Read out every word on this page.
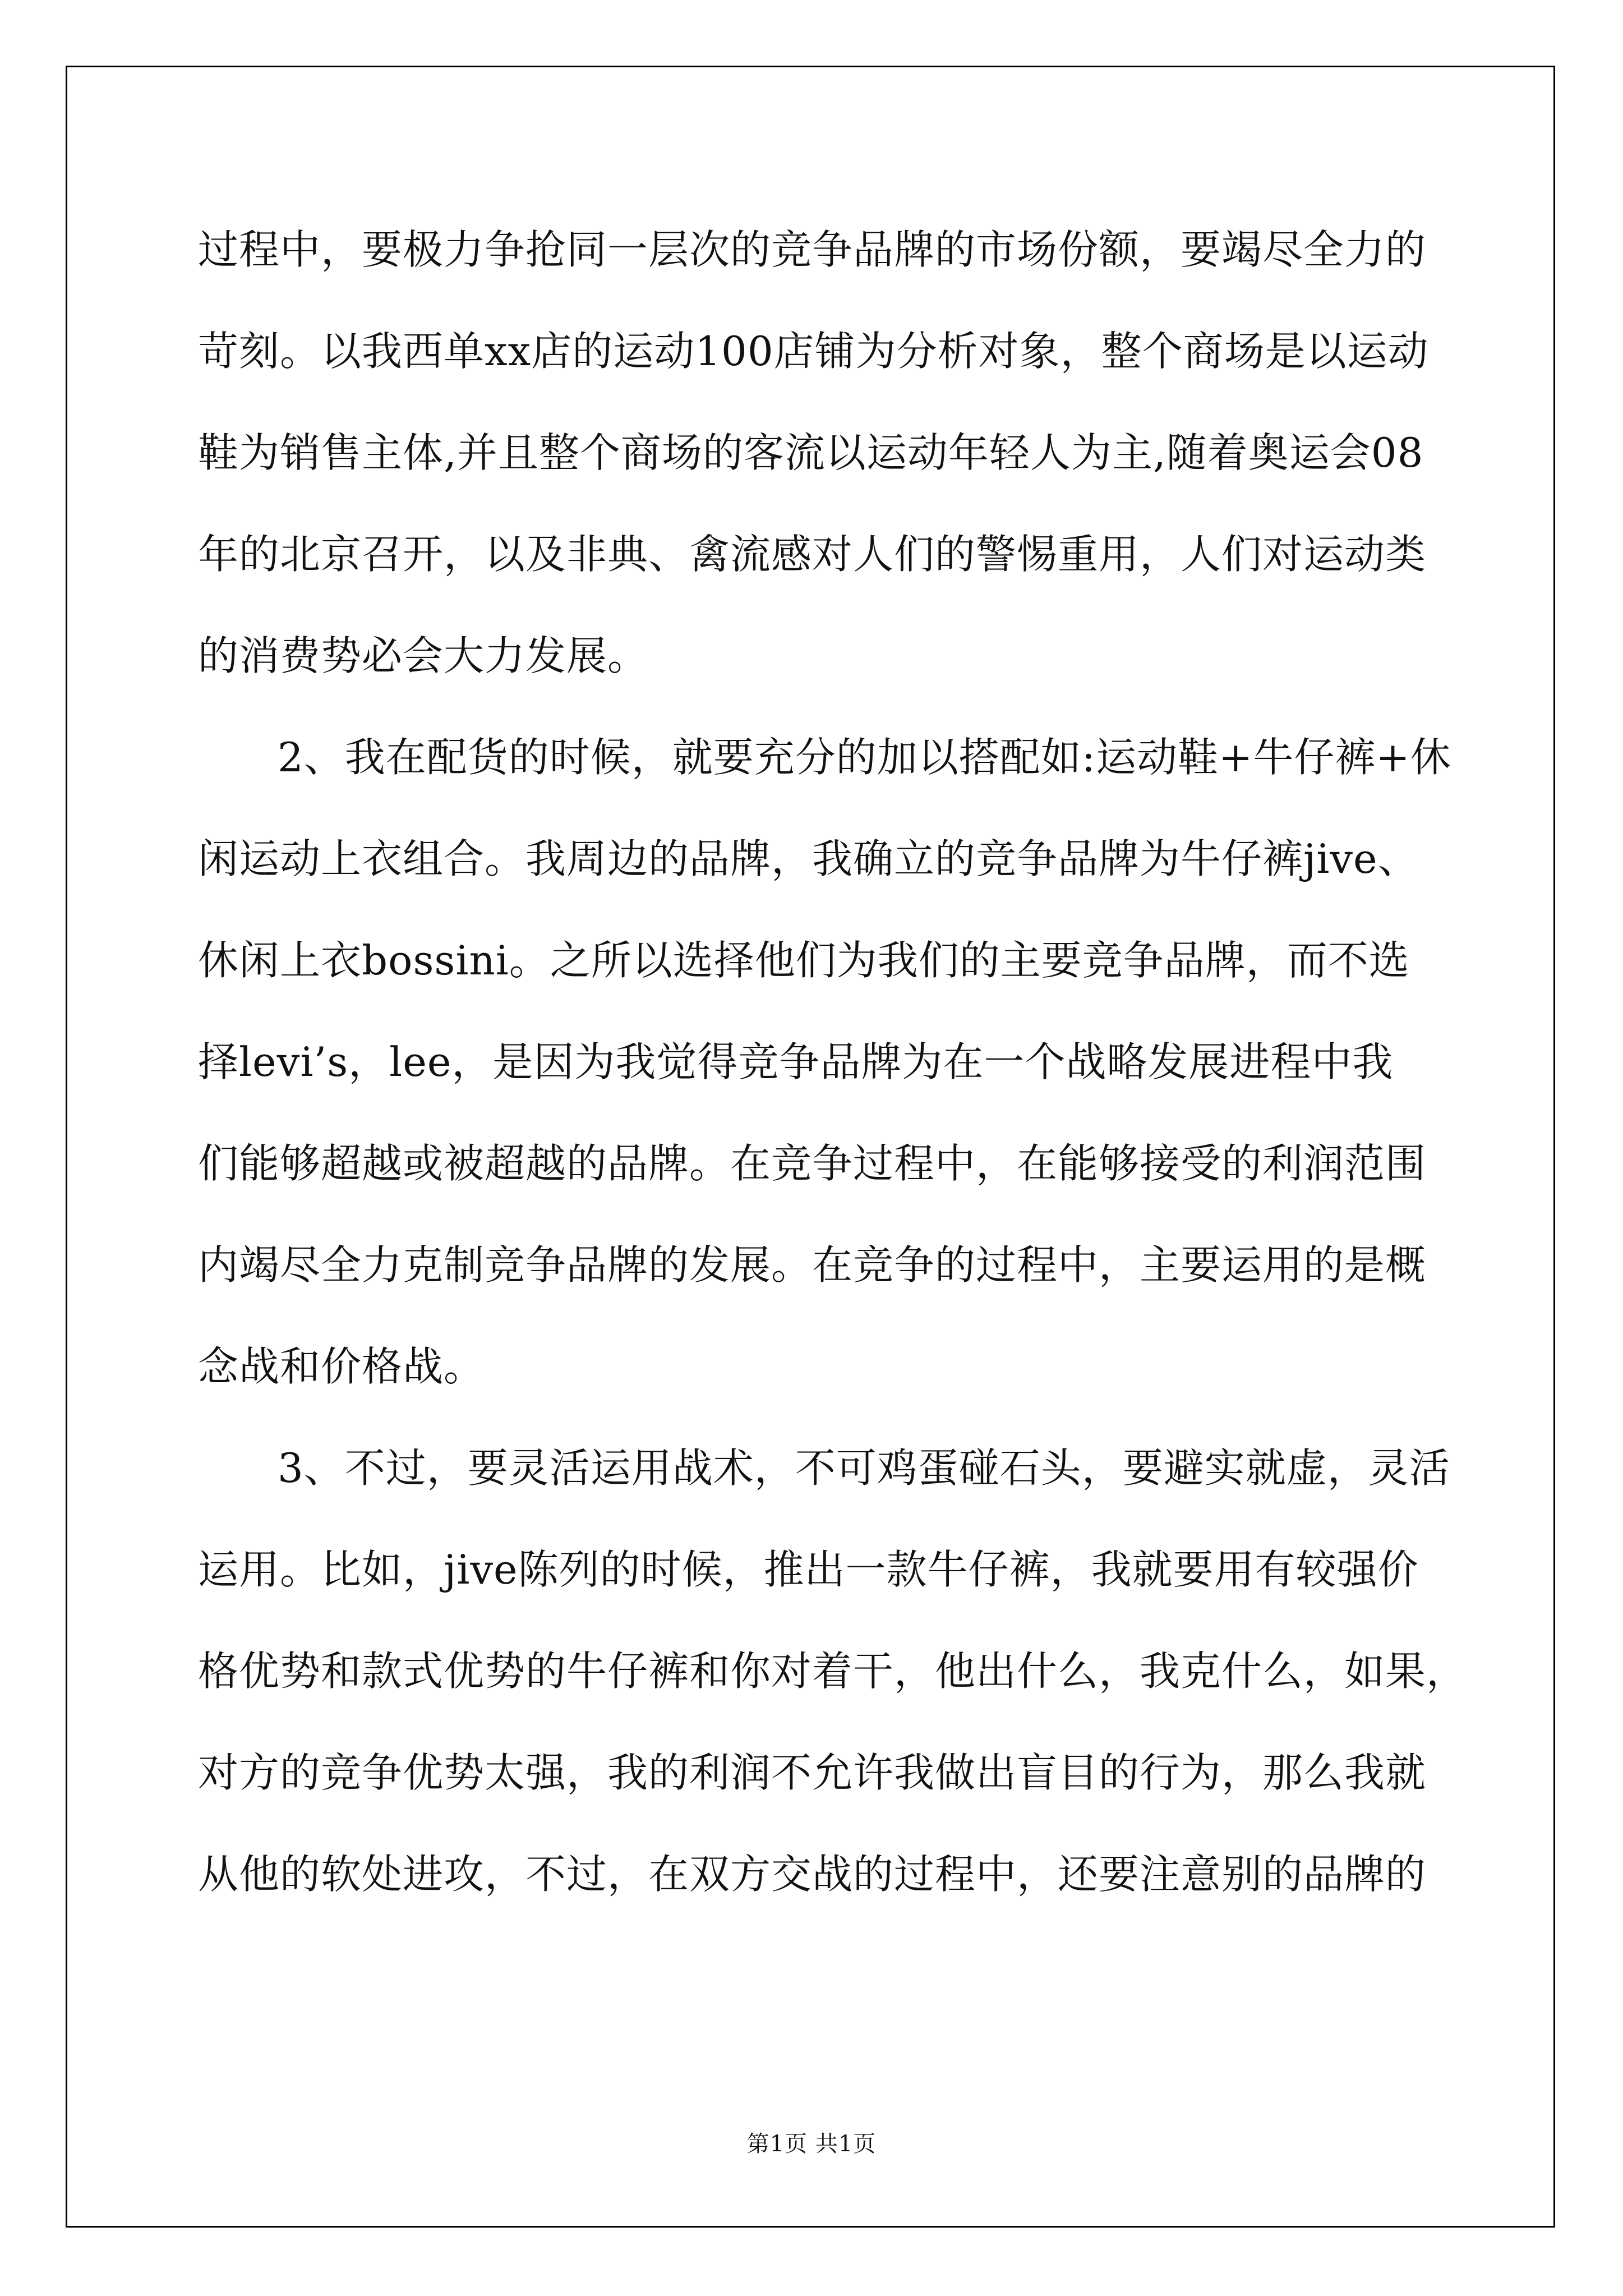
过程中，要极力争抢同一层次的竞争品牌的市场份额，要竭尽全力的
苛刻。以我西单xx店的运动100店铺为分析对象，整个商场是以运动
鞋为销售主体,并且整个商场的客流以运动年轻人为主,随着奥运会08
年的北京召开，以及非典、禽流感对人们的警惕重用，人们对运动类
的消费势必会大力发展。
2、我在配货的时候，就要充分的加以搭配如:运动鞋+牛仔裤+休
闲运动上衣组合。我周边的品牌，我确立的竞争品牌为牛仔裤jive、
休闲上衣bossini。之所以选择他们为我们的主要竞争品牌，而不选
择levi’s，lee，是因为我觉得竞争品牌为在一个战略发展进程中我
们能够超越或被超越的品牌。在竞争过程中，在能够接受的利润范围
内竭尽全力克制竞争品牌的发展。在竞争的过程中，主要运用的是概
念战和价格战。
3、不过，要灵活运用战术，不可鸡蛋碰石头，要避实就虚，灵活
运用。比如，jive陈列的时候，推出一款牛仔裤，我就要用有较强价
格优势和款式优势的牛仔裤和你对着干，他出什么，我克什么，如果，
对方的竞争优势太强，我的利润不允许我做出盲目的行为，那么我就
从他的软处进攻，不过，在双方交战的过程中，还要注意别的品牌的
第1页 共1页
